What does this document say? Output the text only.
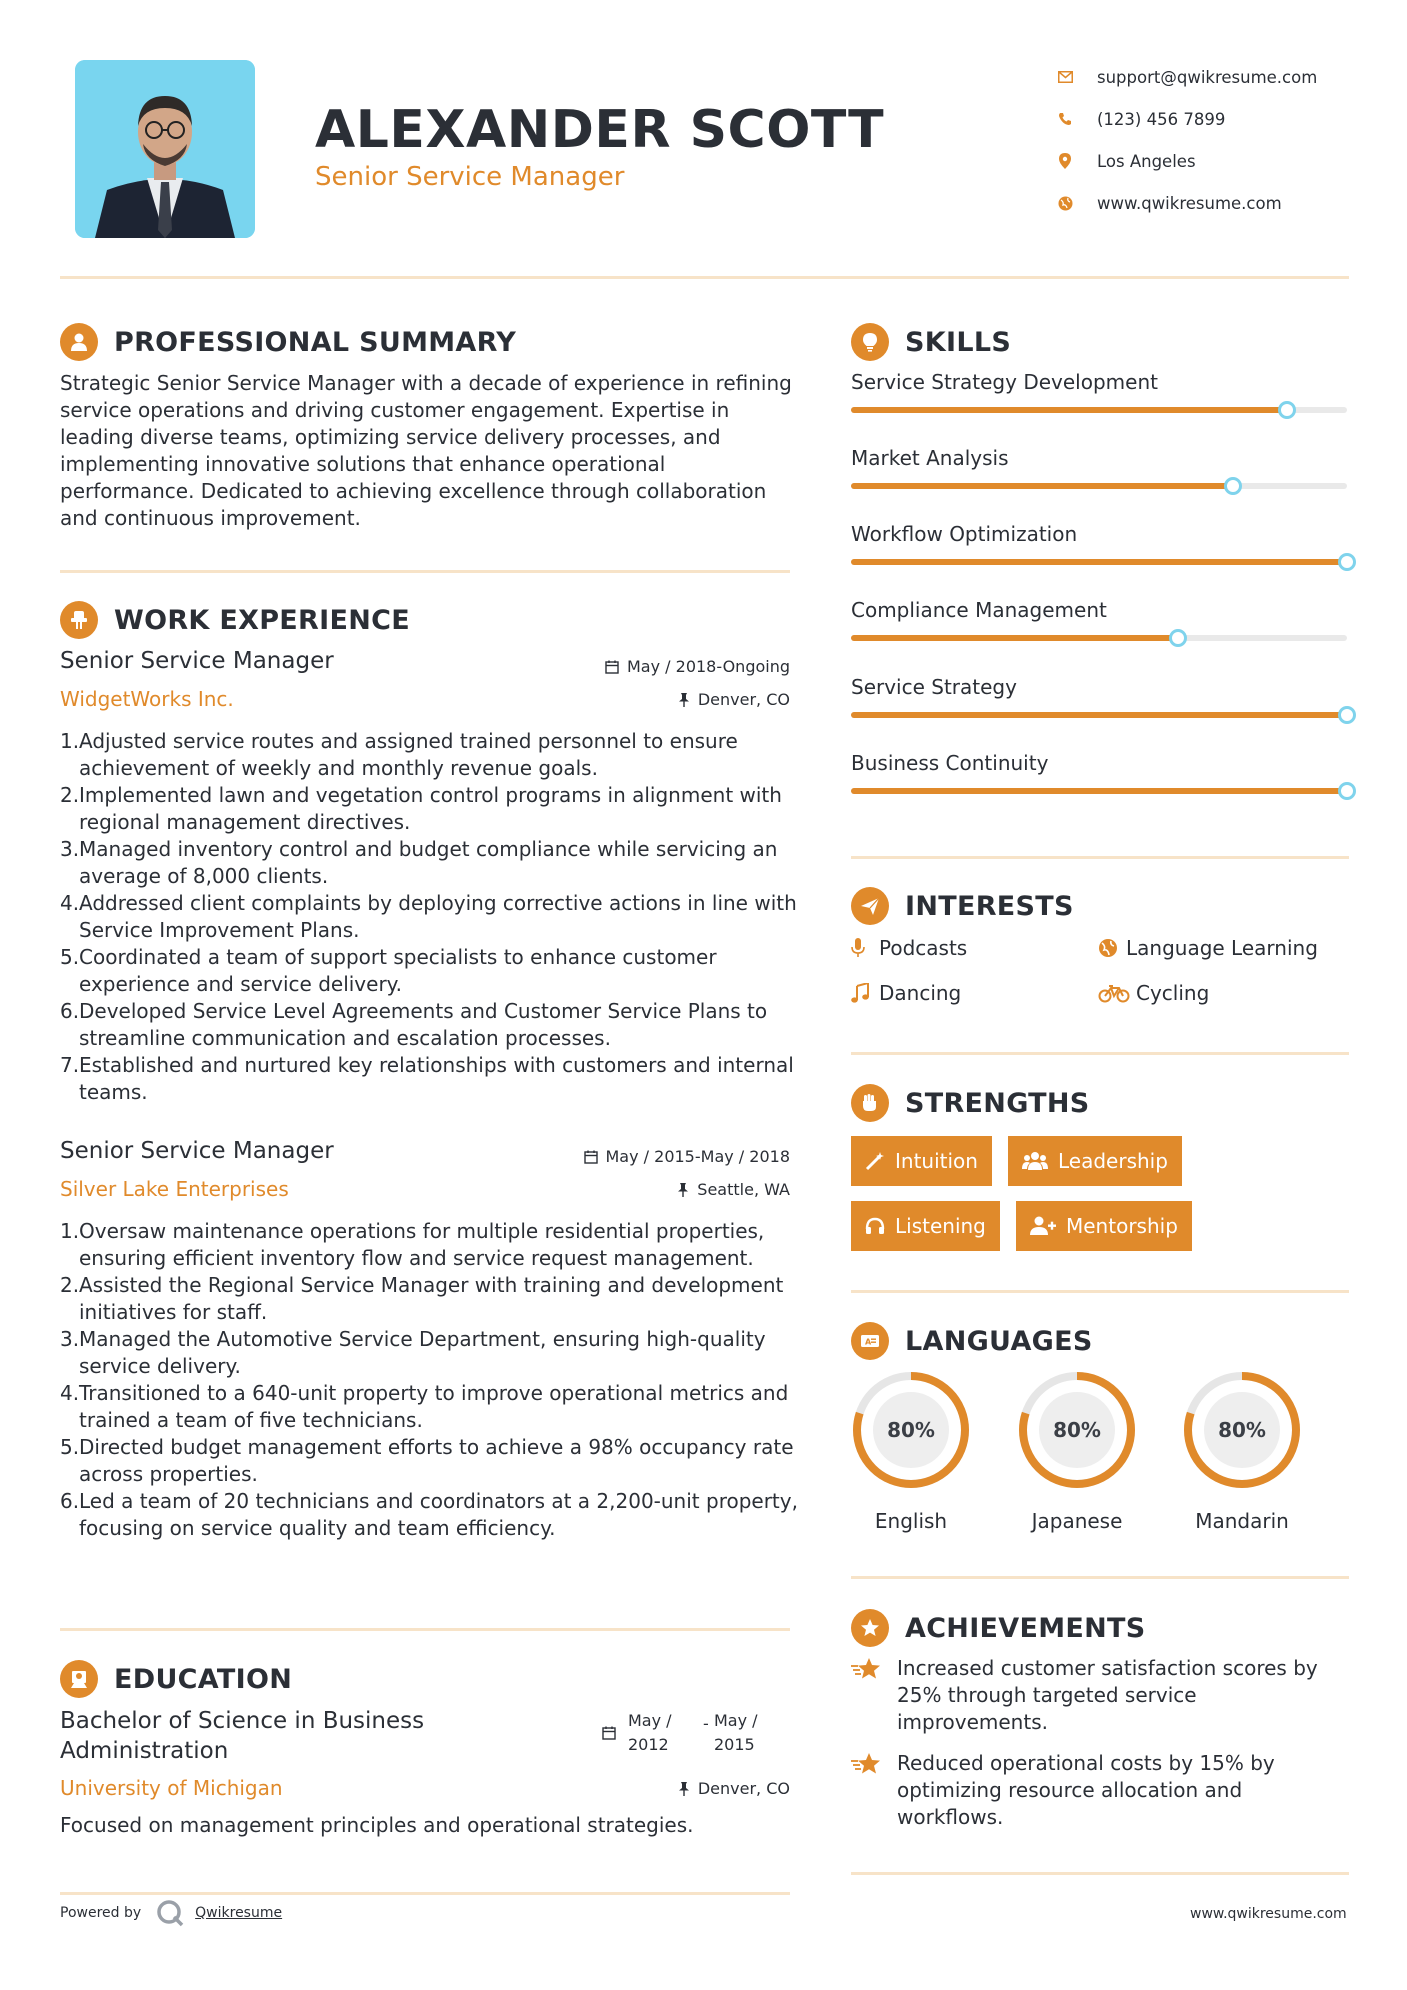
ALEXANDER SCOTT
Senior Service Manager
support@qwikresume.com
(123) 456 7899
Los Angeles
www.qwikresume.com
PROFESSIONAL SUMMARY
Strategic Senior Service Manager with a decade of experience in refining service operations and driving customer engagement. Expertise in leading diverse teams, optimizing service delivery processes, and implementing innovative solutions that enhance operational performance. Dedicated to achieving excellence through collaboration and continuous improvement.
WORK EXPERIENCE
Senior Service Manager	May / 2018-Ongoing
WidgetWorks Inc.	Denver, CO
1. Adjusted service routes and assigned trained personnel to ensure achievement of weekly and monthly revenue goals.
2. Implemented lawn and vegetation control programs in alignment with regional management directives.
3. Managed inventory control and budget compliance while servicing an average of 8,000 clients.
4. Addressed client complaints by deploying corrective actions in line with Service Improvement Plans.
5. Coordinated a team of support specialists to enhance customer experience and service delivery.
6. Developed Service Level Agreements and Customer Service Plans to streamline communication and escalation processes.
7. Established and nurtured key relationships with customers and internal teams.
Senior Service Manager	May / 2015-May / 2018
Silver Lake Enterprises	Seattle, WA
1. Oversaw maintenance operations for multiple residential properties, ensuring efficient inventory flow and service request management.
2. Assisted the Regional Service Manager with training and development initiatives for staff.
3. Managed the Automotive Service Department, ensuring high-quality service delivery.
4. Transitioned to a 640-unit property to improve operational metrics and trained a team of five technicians.
5. Directed budget management efforts to achieve a 98% occupancy rate across properties.
6. Led a team of 20 technicians and coordinators at a 2,200-unit property, focusing on service quality and team efficiency.
EDUCATION
Bachelor of Science in Business Administration
May / 2012
- May / 2015
University of Michigan	Denver, CO
Focused on management principles and operational strategies.
SKILLS
Service Strategy Development
Market Analysis
Workflow Optimization
Compliance Management
Service Strategy
Business Continuity
INTERESTS
Podcasts	Language Learning
Dancing	Cycling
STRENGTHS
Intuition	Leadership
Listening	Mentorship
A LANGUAGES
80%
English
80%
Japanese
80%
Mandarin
ACHIEVEMENTS
Increased customer satisfaction scores by 25% through targeted service improvements.
Reduced operational costs by 15% by optimizing resource allocation and workflows.
Powered by	Qwikresume	www.qwikresume.com
